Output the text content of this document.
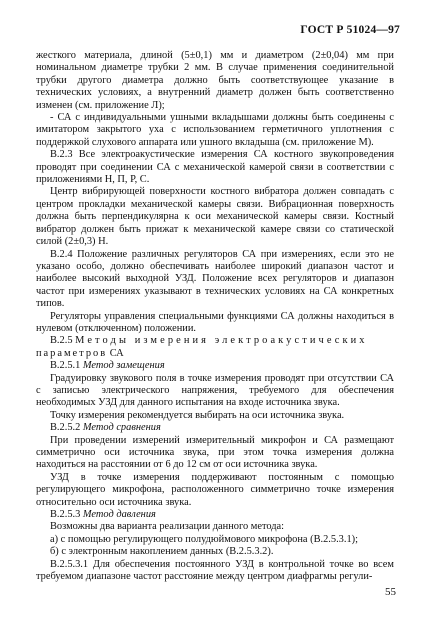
ГОСТ Р 51024—97

жесткого материала, длиной (5±0,1) мм и диаметром (2±0,04) мм при номинальном диаметре трубки 2 мм. В случае применения соединительной трубки другого диаметра должно быть соответствующее указание в технических условиях, а внутренний диаметр должен быть соответственно изменен (см. приложение Л);

- СА с индивидуальными ушными вкладышами должны быть соединены с имитатором закрытого уха с использованием герметичного уплотнения с поддержкой слухового аппарата или ушного вкладыша (см. приложение М).

В.2.3 Все электроакустические измерения СА костного звукопроведения проводят при соединении СА с механической камерой связи в соответствии с приложениями Н, П, Р, С.

Центр вибрирующей поверхности костного вибратора должен совпадать с центром прокладки механической камеры связи. Вибрационная поверхность должна быть перпендикулярна к оси механической камеры связи. Костный вибратор должен быть прижат к механической камере связи со статической силой (2±0,3) Н.

В.2.4 Положение различных регуляторов СА при измерениях, если это не указано особо, должно обеспечивать наиболее широкий диапазон частот и наиболее высокий выходной УЗД. Положение всех регуляторов и диапазон частот при измерениях указывают в технических условиях на СА конкретных типов.

Регуляторы управления специальными функциями СА должны находиться в нулевом (отключенном) положении.

В.2.5 Методы измерения электроакустических

параметров СА

В.2.5.1 Метод замещения

Градуировку звукового поля в точке измерения проводят при отсутствии СА с записью электрического напряжения, требуемого для обеспечения необходимых УЗД для данного испытания на входе источника звука.

Точку измерения рекомендуется выбирать на оси источника звука.

В.2.5.2 Метод сравнения

При проведении измерений измерительный микрофон и СА размещают симметрично оси источника звука, при этом точка измерения должна находиться на расстоянии от 6 до 12 см от оси источника звука.

УЗД в точке измерения поддерживают постоянным с помощью регулирующего микрофона, расположенного симметрично точке измерения относительно оси источника звука.

В.2.5.3 Метод давления

Возможны два варианта реализации данного метода:

а) с помощью регулирующего полудюймового микрофона (В.2.5.3.1);

б) с электронным накоплением данных (В.2.5.3.2).

В.2.5.3.1 Для обеспечения постоянного УЗД в контрольной точке во всем требуемом диапазоне частот расстояние между центром диафрагмы регули-

55
